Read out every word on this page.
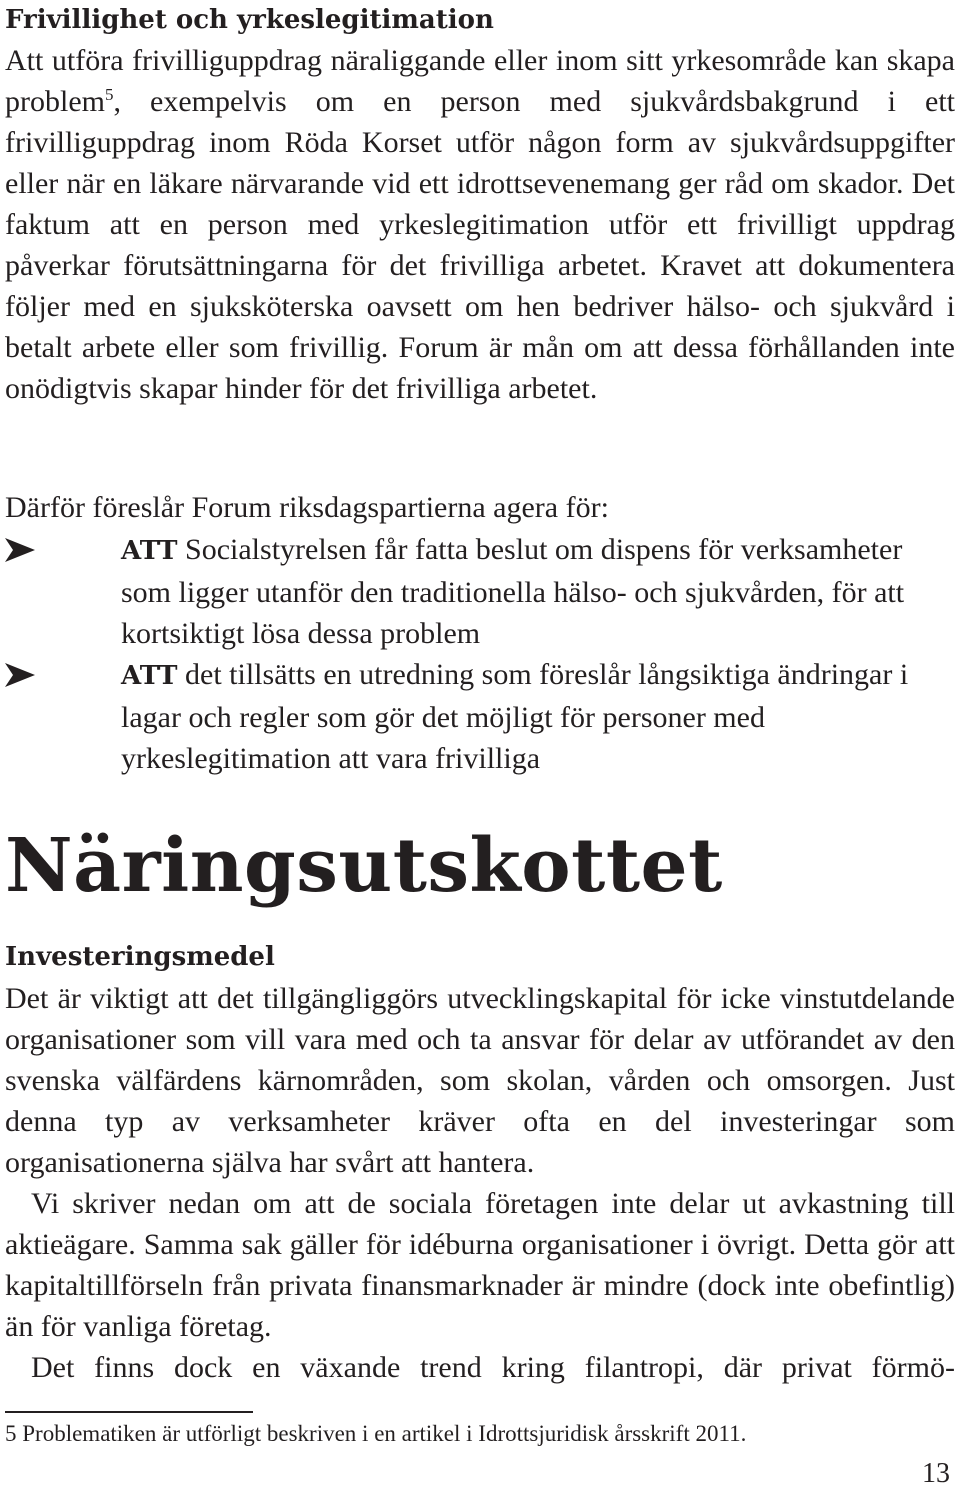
Frivillighet och yrkeslegitimation

Att utföra frivilliguppdrag näraliggande eller inom sitt yrkesområde kan skapa problem$^5$, exempelvis om en person med sjukvårdsbakgrund i ett frivilliguppdrag inom Röda Korset utför någon form av sjukvårdsuppgifter eller när en läkare närvarande vid ett idrottsevenemang ger råd om skador. Det faktum att en person med yrkeslegitimation utför ett frivilligt uppdrag påverkar förutsättningarna för det frivilliga arbetet. Kravet att dokumentera följer med en sjuksköterska oavsett om hen bedriver hälso- och sjukvård i betalt arbete eller som frivillig. Forum är mån om att dessa förhållanden inte onödigtvis skapar hinder för det frivilliga arbetet.

Därför föreslår Forum riksdagspartierna agera för:

ATT Socialstyrelsen får fatta beslut om dispens för verksamheter som ligger utanför den traditionella hälso- och sjukvården, för att kortsiktigt lösa dessa problem
ATT det tillsätts en utredning som föreslår långsiktiga ändringar i lagar och regler som gör det möjligt för personer med yrkeslegitimation att vara frivilliga
Näringsutskottet
Investeringsmedel

Det är viktigt att det tillgängliggörs utvecklingskapital för icke vinstutdelande organisationer som vill vara med och ta ansvar för delar av utförandet av den svenska välfärdens kärnområden, som skolan, vården och omsorgen. Just denna typ av verksamheter kräver ofta en del investeringar som organisationerna själva har svårt att hantera.

Vi skriver nedan om att de sociala företagen inte delar ut avkastning till aktieägare. Samma sak gäller för idéburna organisationer i övrigt. Detta gör att kapitaltillförseln från privata finansmarknader är mindre (dock inte obefintlig) än för vanliga företag.

Det finns dock en växande trend kring filantropi, där privat förmö-

5 Problematiken är utförligt beskriven i en artikel i Idrottsjuridisk årsskrift 2011.

13
